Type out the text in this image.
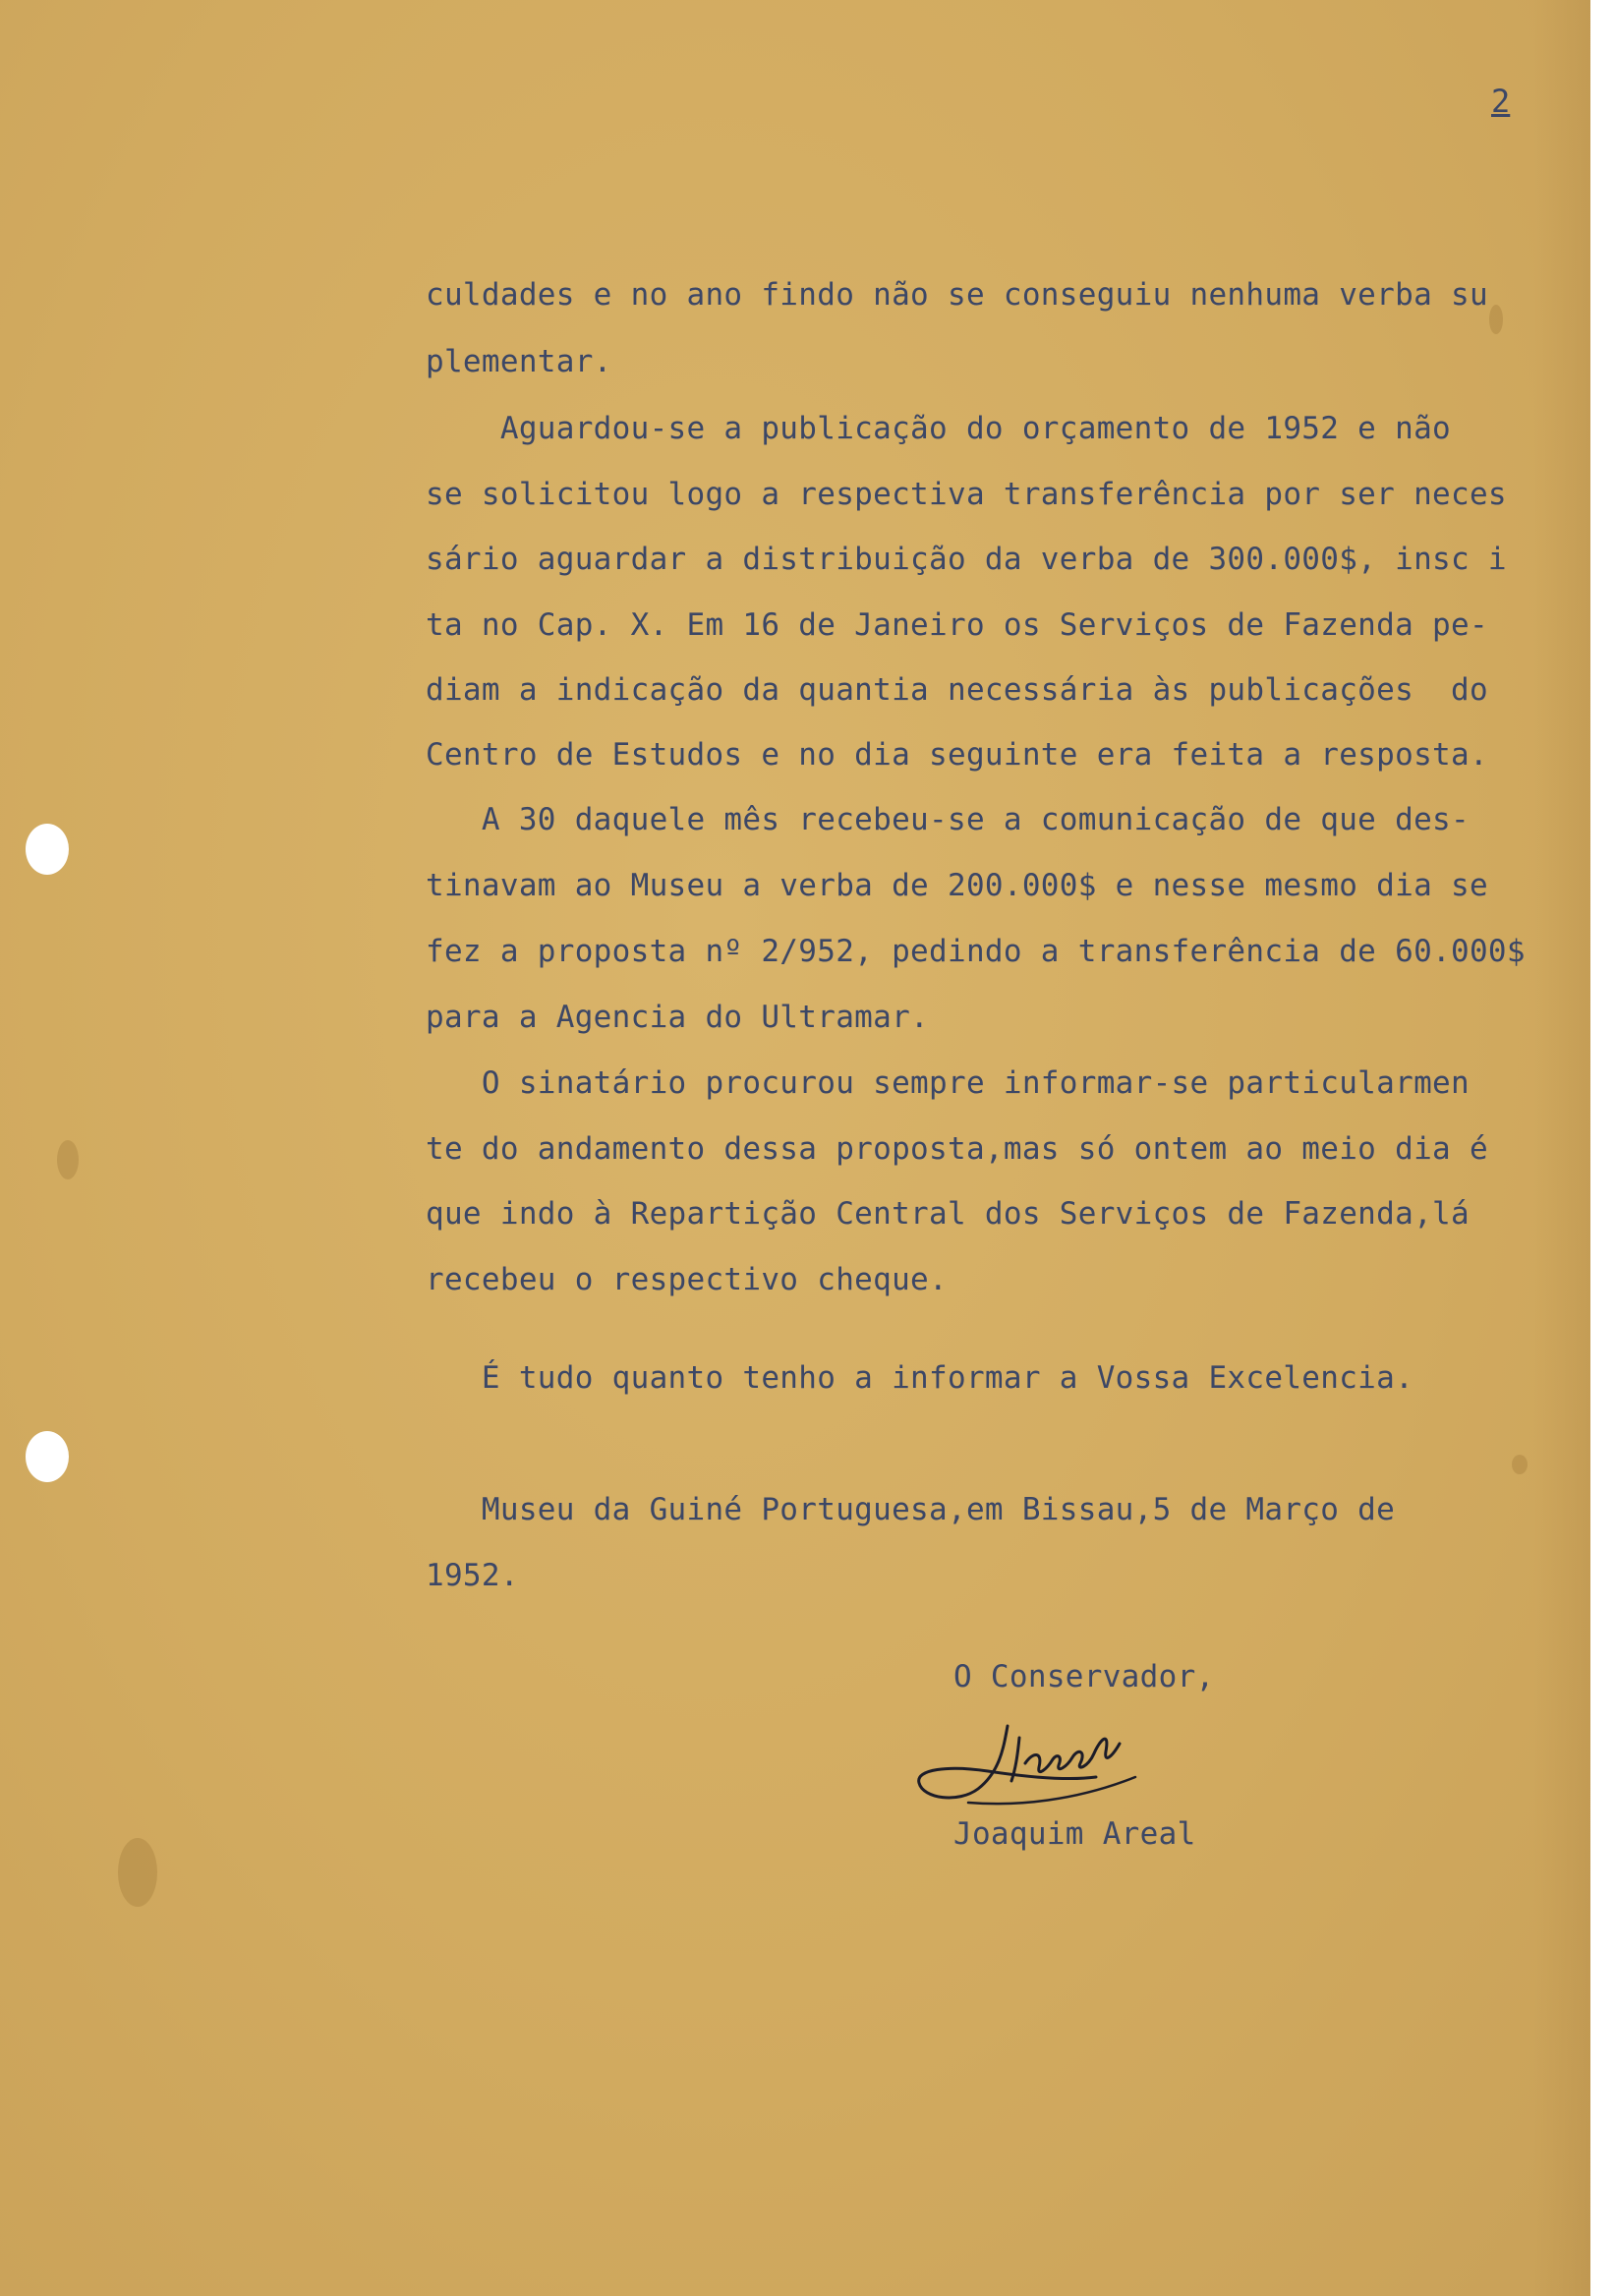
2
culdades e no ano findo não se conseguiu nenhuma verba su
plementar.
Aguardou-se a publicação do orçamento de 1952 e não
se solicitou logo a respectiva transferência por ser neces
sário aguardar a distribuição da verba de 300.000$, insc i
ta no Cap. X. Em 16 de Janeiro os Serviços de Fazenda pe-
diam a indicação da quantia necessária às publicações  do
Centro de Estudos e no dia seguinte era feita a resposta.
A 30 daquele mês recebeu-se a comunicação de que des-
tinavam ao Museu a verba de 200.000$ e nesse mesmo dia se
fez a proposta nº 2/952, pedindo a transferência de 60.000$
para a Agencia do Ultramar.
O sinatário procurou sempre informar-se particularmen
te do andamento dessa proposta,mas só ontem ao meio dia é
que indo à Repartição Central dos Serviços de Fazenda,lá
recebeu o respectivo cheque.
É tudo quanto tenho a informar a Vossa Excelencia.
Museu da Guiné Portuguesa,em Bissau,5 de Março de
1952.
O Conservador,
Joaquim Areal
